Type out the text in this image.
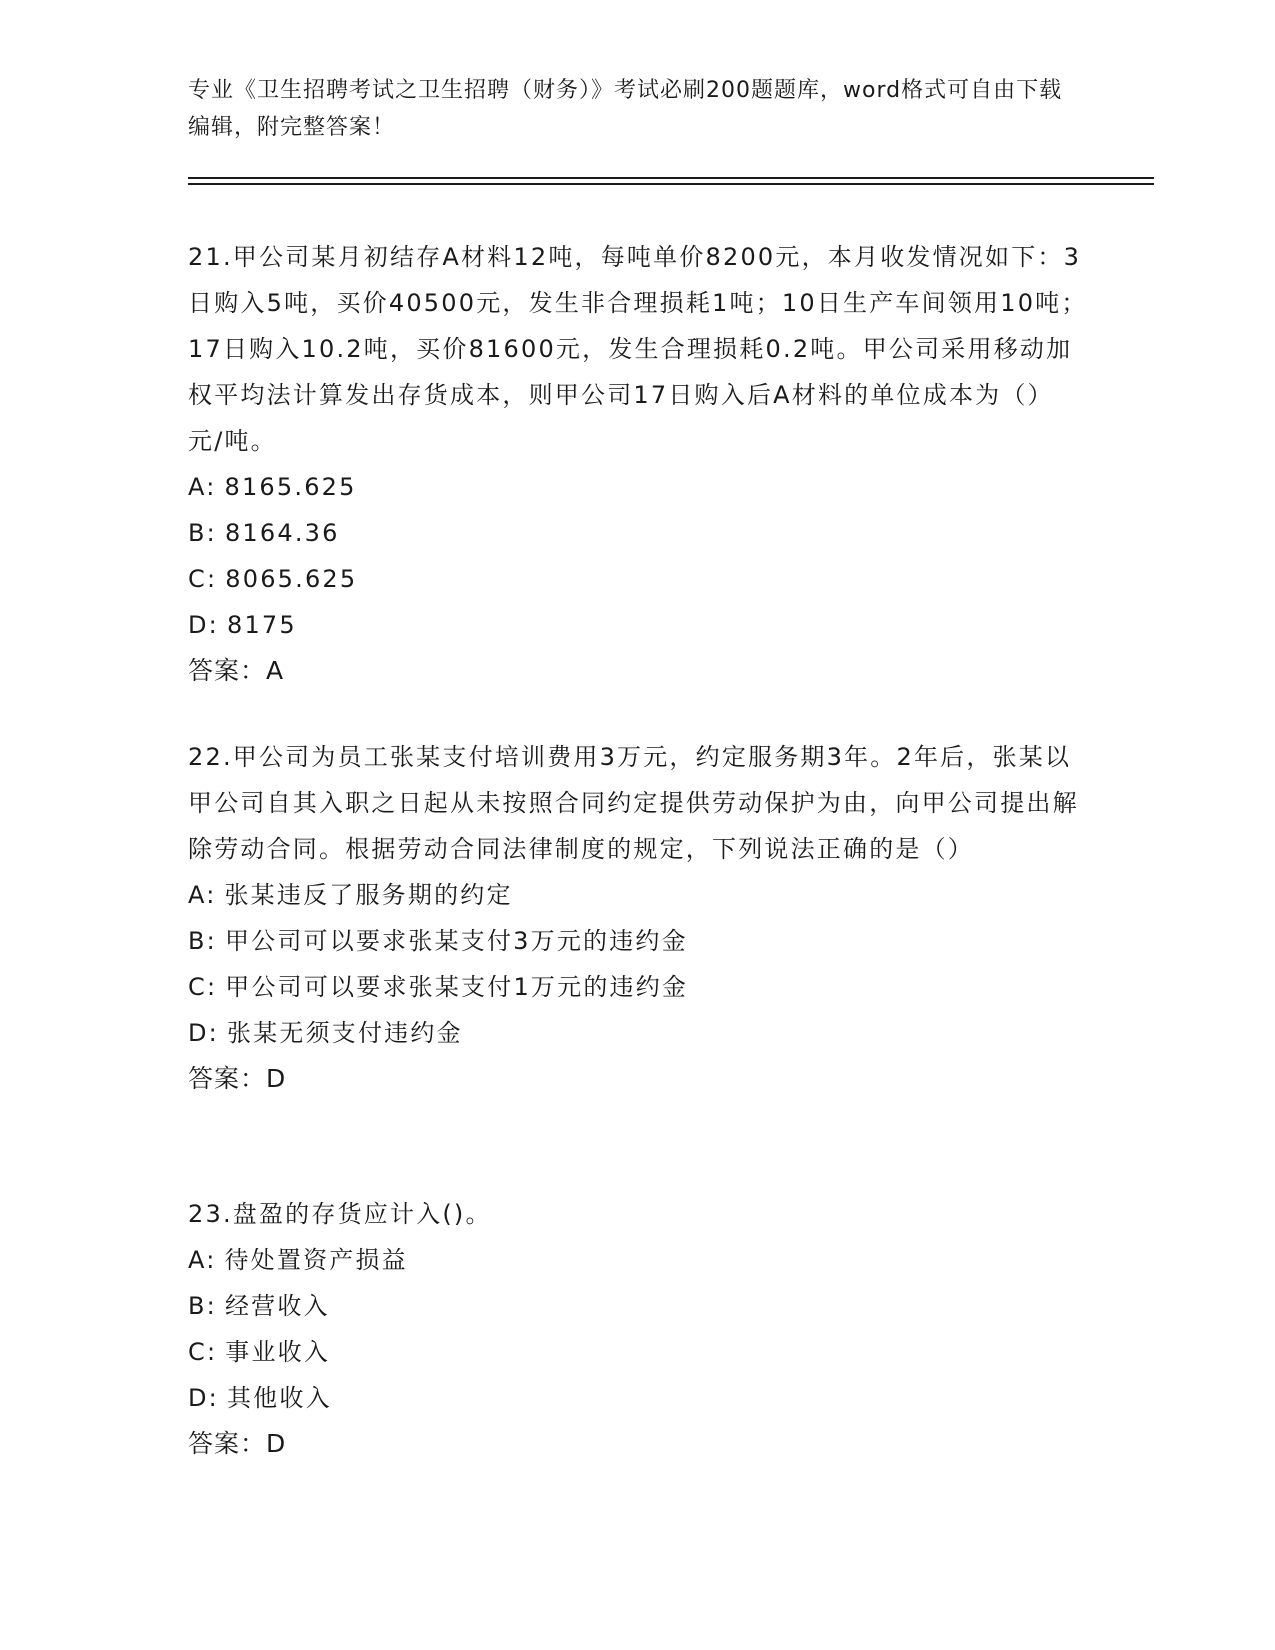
专业《卫生招聘考试之卫生招聘（财务）》考试必刷200题题库，word格式可自由下载编辑，附完整答案！

21.甲公司某月初结存A材料12吨，每吨单价8200元，本月收发情况如下：3日购入5吨，买价40500元，发生非合理损耗1吨；10日生产车间领用10吨；17日购入10.2吨，买价81600元，发生合理损耗0.2吨。甲公司采用移动加权平均法计算发出存货成本，则甲公司17日购入后A材料的单位成本为（）元/吨。

A: 8165.625

B: 8164.36

C: 8065.625

D: 8175

答案：A

22.甲公司为员工张某支付培训费用3万元，约定服务期3年。2年后，张某以甲公司自其入职之日起从未按照合同约定提供劳动保护为由，向甲公司提出解除劳动合同。根据劳动合同法律制度的规定，下列说法正确的是（）

A: 张某违反了服务期的约定

B: 甲公司可以要求张某支付3万元的违约金

C: 甲公司可以要求张某支付1万元的违约金

D: 张某无须支付违约金

答案：D

23.盘盈的存货应计入()。

A: 待处置资产损益

B: 经营收入

C: 事业收入

D: 其他收入

答案：D
